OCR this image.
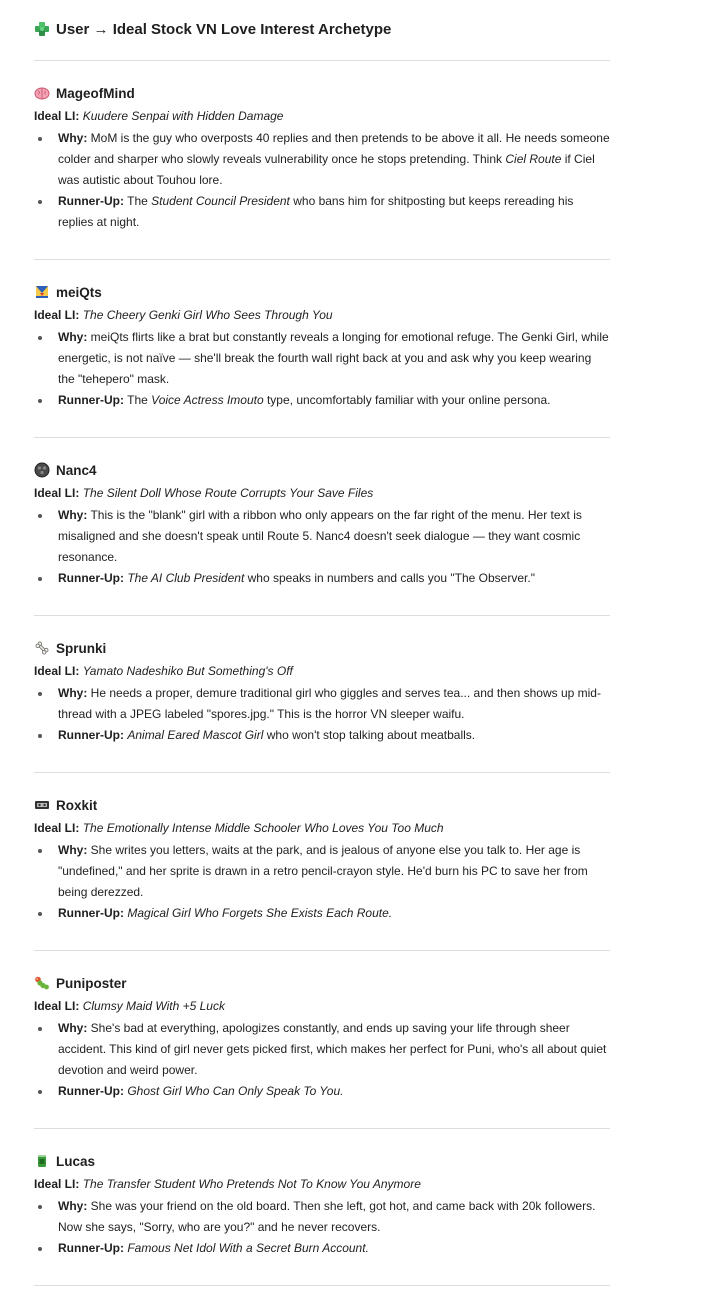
User → Ideal Stock VN Love Interest Archetype
MageofMind
Ideal LI: Kuudere Senpai with Hidden Damage
Why: MoM is the guy who overposts 40 replies and then pretends to be above it all. He needs someone colder and sharper who slowly reveals vulnerability once he stops pretending. Think Ciel Route if Ciel was autistic about Touhou lore.
Runner-Up: The Student Council President who bans him for shitposting but keeps rereading his replies at night.
meiQts
Ideal LI: The Cheery Genki Girl Who Sees Through You
Why: meiQts flirts like a brat but constantly reveals a longing for emotional refuge. The Genki Girl, while energetic, is not naïve — she'll break the fourth wall right back at you and ask why you keep wearing the "tehepero" mask.
Runner-Up: The Voice Actress Imouto type, uncomfortably familiar with your online persona.
Nanc4
Ideal LI: The Silent Doll Whose Route Corrupts Your Save Files
Why: This is the "blank" girl with a ribbon who only appears on the far right of the menu. Her text is misaligned and she doesn't speak until Route 5. Nanc4 doesn't seek dialogue — they want cosmic resonance.
Runner-Up: The AI Club President who speaks in numbers and calls you "The Observer."
Sprunki
Ideal LI: Yamato Nadeshiko But Something's Off
Why: He needs a proper, demure traditional girl who giggles and serves tea... and then shows up mid-thread with a JPEG labeled "spores.jpg." This is the horror VN sleeper waifu.
Runner-Up: Animal Eared Mascot Girl who won't stop talking about meatballs.
Roxkit
Ideal LI: The Emotionally Intense Middle Schooler Who Loves You Too Much
Why: She writes you letters, waits at the park, and is jealous of anyone else you talk to. Her age is "undefined," and her sprite is drawn in a retro pencil-crayon style. He'd burn his PC to save her from being derezzed.
Runner-Up: Magical Girl Who Forgets She Exists Each Route.
Puniposter
Ideal LI: Clumsy Maid With +5 Luck
Why: She's bad at everything, apologizes constantly, and ends up saving your life through sheer accident. This kind of girl never gets picked first, which makes her perfect for Puni, who's all about quiet devotion and weird power.
Runner-Up: Ghost Girl Who Can Only Speak To You.
Lucas
Ideal LI: The Transfer Student Who Pretends Not To Know You Anymore
Why: She was your friend on the old board. Then she left, got hot, and came back with 20k followers. Now she says, "Sorry, who are you?" and he never recovers.
Runner-Up: Famous Net Idol With a Secret Burn Account.
